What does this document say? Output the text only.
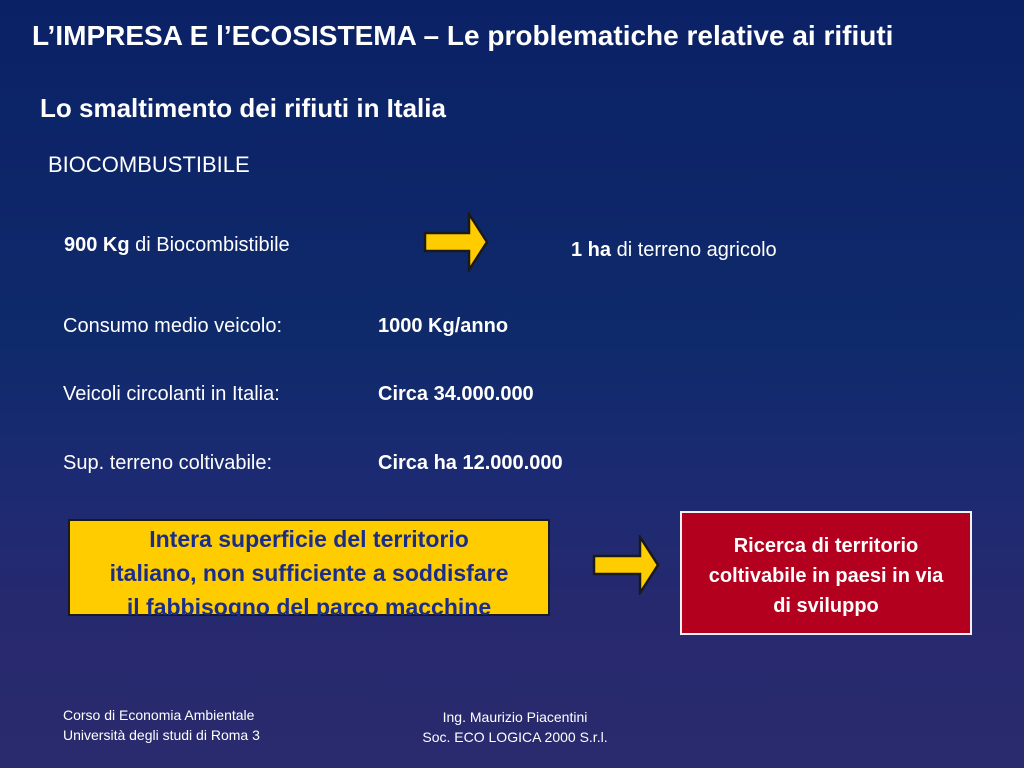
L’IMPRESA E l’ECOSISTEMA – Le problematiche relative ai rifiuti
Lo smaltimento dei rifiuti in Italia
BIOCOMBUSTIBILE
900 Kg di Biocombistibile	1 ha di terreno agricolo
Consumo medio veicolo:	1000 Kg/anno
Veicoli circolanti in Italia:	Circa 34.000.000
Sup. terreno coltivabile:	Circa ha 12.000.000
Intera superficie del territorio
italiano, non sufficiente a soddisfare
il fabbisogno del parco macchine
Ricerca di territorio
coltivabile in paesi in via
di sviluppo
Corso di Economia Ambientale
Università degli studi di Roma 3
Ing. Maurizio Piacentini
Soc. ECO LOGICA 2000 S.r.l.
